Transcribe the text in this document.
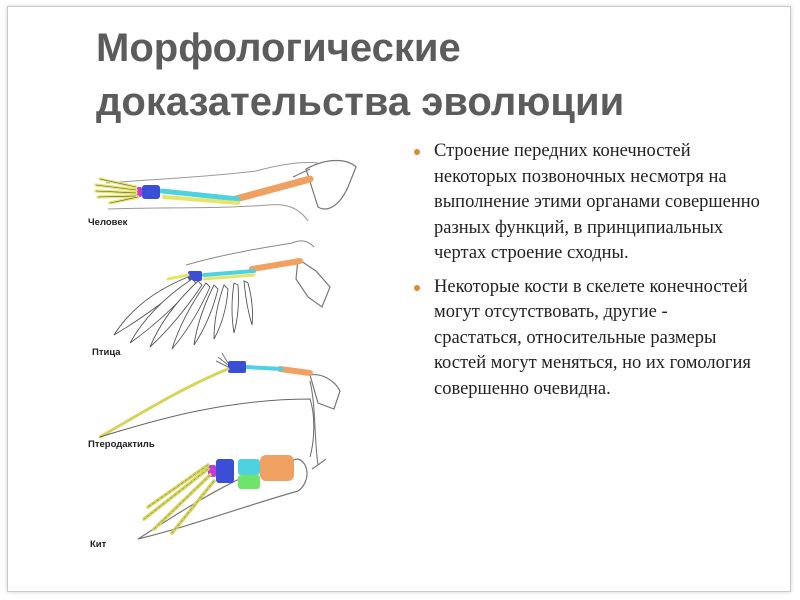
Морфологические
доказательства эволюции
Человек
Птица
Птеродактиль
Кит
Строение передних конечностей некоторых позвоночных несмотря на выполнение этими органами совершенно разных функций, в принципиальных чертах строение сходны.
Некоторые кости в скелете конечностей могут отсутствовать, другие - срастаться, относительные размеры костей могут меняться, но их гомология совершенно очевидна.
